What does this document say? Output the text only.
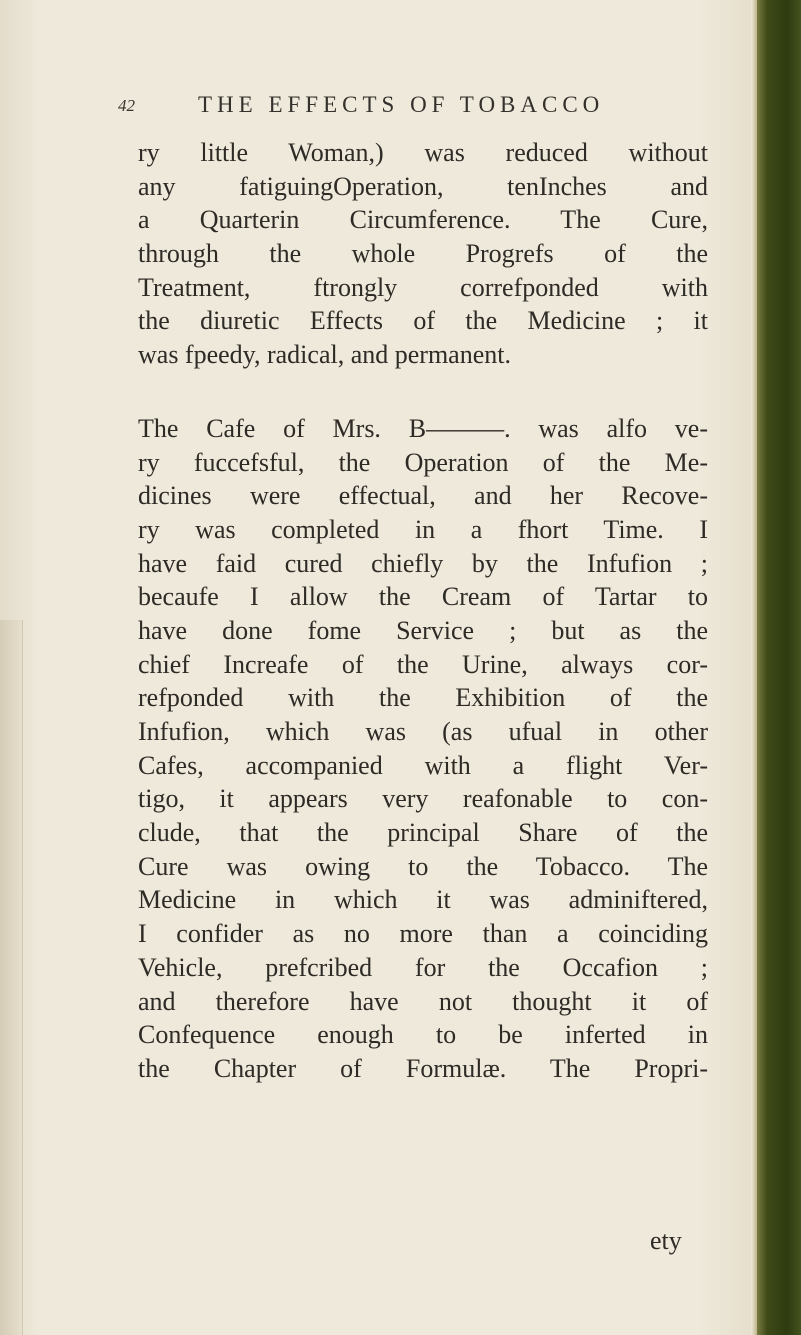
42	THE EFFECTS OF TOBACCO
ry little Woman,) was reduced without
any fatiguingOperation, tenInches and
a Quarterin Circumference. The Cure,
through the whole Progrefs of the
Treatment, ftrongly correfponded with
the diuretic Effects of the Medicine ; it
was fpeedy, radical, and permanent.
The Cafe of Mrs. B———. was alfo ve-
ry fuccefsful, the Operation of the Me-
dicines were effectual, and her Recove-
ry was completed in a fhort Time. I
have faid cured chiefly by the Infufion ;
becaufe I allow the Cream of Tartar to
have done fome Service ; but as the
chief Increafe of the Urine, always cor-
refponded with the Exhibition of the
Infufion, which was (as ufual in other
Cafes, accompanied with a flight Ver-
tigo, it appears very reafonable to con-
clude, that the principal Share of the
Cure was owing to the Tobacco. The
Medicine in which it was adminiftered,
I confider as no more than a coinciding
Vehicle, prefcribed for the Occafion ;
and therefore have not thought it of
Confequence enough to be inferted in
the Chapter of Formulæ. The Propri-
ety
